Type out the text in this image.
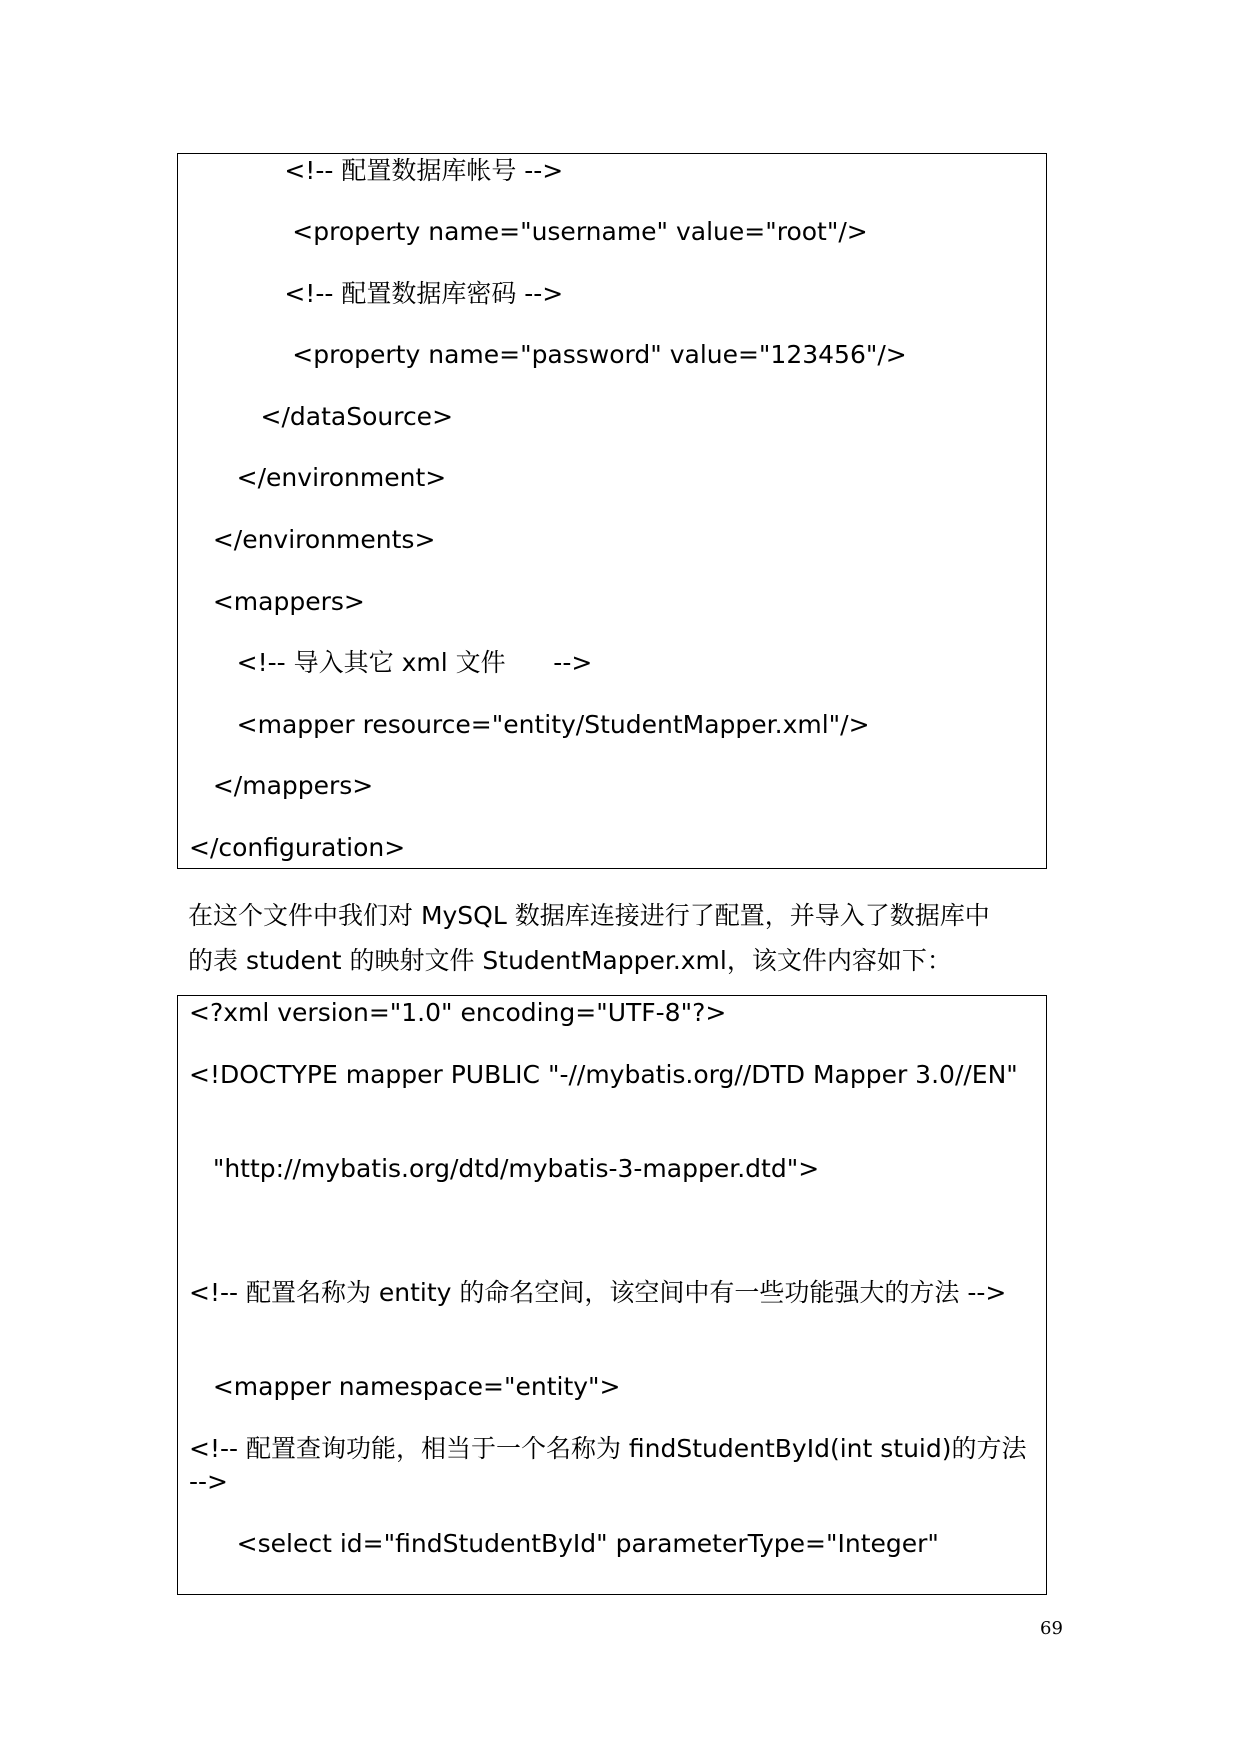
<!-- 配置数据库帐号 -->
<property name="username" value="root"/>
<!-- 配置数据库密码 -->
<property name="password" value="123456"/>
</dataSource>
</environment>
</environments>
<mappers>
<!-- 导入其它 xml 文件      -->
<mapper resource="entity/StudentMapper.xml"/>
</mappers>
</configuration>
在这个文件中我们对 MySQL 数据库连接进行了配置，并导入了数据库中
的表 student 的映射文件 StudentMapper.xml，该文件内容如下：
<?xml version="1.0" encoding="UTF-8"?>
<!DOCTYPE mapper PUBLIC "-//mybatis.org//DTD Mapper 3.0//EN"
"http://mybatis.org/dtd/mybatis-3-mapper.dtd">
<!-- 配置名称为 entity 的命名空间，该空间中有一些功能强大的方法 -->
<mapper namespace="entity">
<!-- 配置查询功能，相当于一个名称为 findStudentById(int stuid)的方法 -->
<select id="findStudentById" parameterType="Integer"
69
